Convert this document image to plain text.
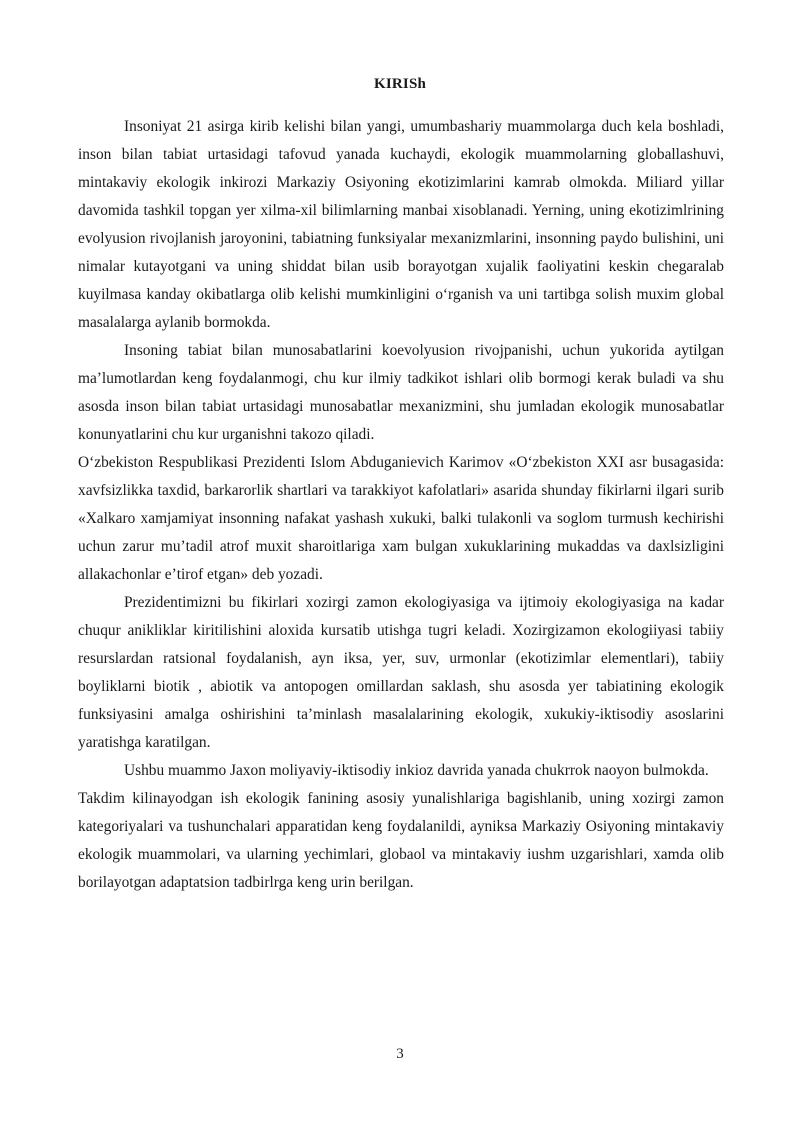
KIRISh

Insoniyat 21 asirga kirib kelishi bilan yangi, umumbashariy muammolarga duch kela boshladi, inson bilan tabiat urtasidagi tafovud yanada kuchaydi, ekologik muammolarning globallashuvi, mintakaviy ekologik inkirozi Markaziy Osiyoning ekotizimlarini kamrab olmokda. Miliard yillar davomida tashkil topgan yer xilma-xil bilimlarning manbai xisoblanadi. Yerning, uning ekotizimlrining evolyusion rivojlanish jaroyonini, tabiatning funksiyalar mexanizmlarini, insonning paydo bulishini, uni nimalar kutayotgani va uning shiddat bilan usib borayotgan xujalik faoliyatini keskin chegaralab kuyilmasa kanday okibatlarga olib kelishi mumkinligini oʻrganish va uni tartibga solish muxim global masalalarga aylanib bormokda.

Insoning tabiat bilan munosabatlarini koevolyusion rivojpanishi, uchun yukorida aytilgan maʼlumotlardan keng foydalanmogi, chu kur ilmiy tadkikot ishlari olib bormogi kerak buladi va shu asosda inson bilan tabiat urtasidagi munosabatlar mexanizmini, shu jumladan ekologik munosabatlar konunyatlarini chu kur urganishni takozo qiladi.

Oʻzbekiston Respublikasi Prezidenti Islom Abduganievich Karimov «Oʻzbekiston XXI asr busagasida: xavfsizlikka taxdid, barkarorlik shartlari va tarakkiyot kafolatlari» asarida shunday fikirlarni ilgari surib «Xalkaro xamjamiyat insonning nafakat yashash xukuki, balki tulakonli va soglom turmush kechirishi uchun zarur muʼtadil atrof muxit sharoitlariga xam bulgan xukuklarining mukaddas va daxlsizligini allakachonlar eʼtirof etgan» deb yozadi.

Prezidentimizni bu fikirlari xozirgi zamon ekologiyasiga va ijtimoiy ekologiyasiga na kadar chuqur anikliklar kiritilishini aloxida kursatib utishga tugri keladi. Xozirgizamon ekologiiyasi tabiiy resurslardan ratsional foydalanish, ayn iksa, yer, suv, urmonlar (ekotizimlar elementlari), tabiiy boyliklarni biotik , abiotik va antopogen omillardan saklash, shu asosda yer tabiatining ekologik funksiyasini amalga oshirishini taʼminlash masalalarining ekologik, xukukiy-iktisodiy asoslarini yaratishga karatilgan.

Ushbu muammo Jaxon moliyaviy-iktisodiy inkioz davrida yanada chukrrok naoyon bulmokda.

Takdim kilinayodgan ish ekologik fanining asosiy yunalishlariga bagishlanib, uning xozirgi zamon kategoriyalari va tushunchalari apparatidan keng foydalanildi, ayniksa Markaziy Osiyoning mintakaviy ekologik muammolari, va ularning yechimlari, globaol va mintakaviy iushm uzgarishlari, xamda olib borilayotgan adaptatsion tadbirlrga keng urin berilgan.

3
